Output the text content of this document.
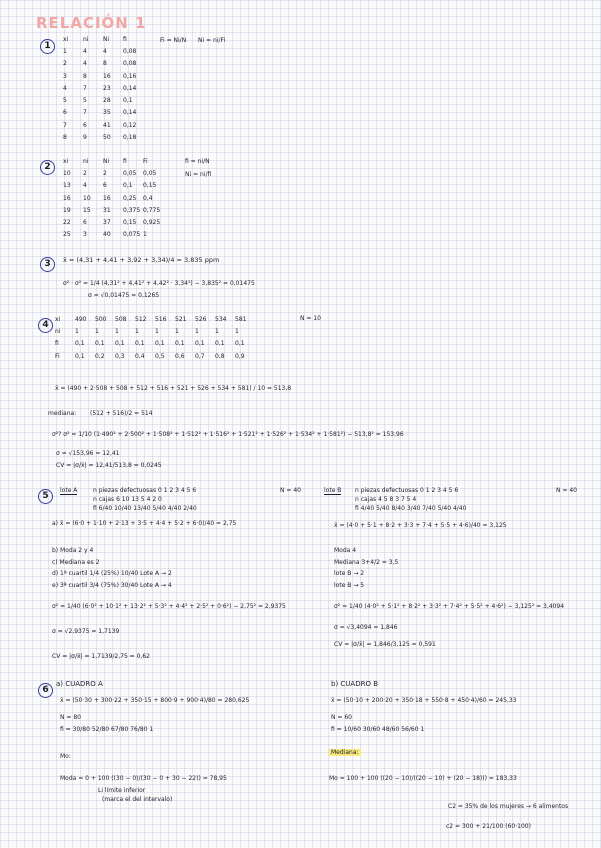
RELACIÓN 1
1
xi	ni	Ni	fi
1	4	4	0,08
2	4	8	0,08
3	8	16	0,16
4	7	23	0,14
5	5	28	0,1
6	7	35	0,14
7	6	41	0,12
8	9	50	0,18
Fi = Ni/N Ni = ni/Fi
2
xi	ni	Ni	fi	Fi
10	2	2	0,05	0,05
13	4	6	0,1	0,15
16	10	16	0,25	0,4
19	15	31	0,375	0,775
22	6	37	0,15	0,925
25	3	40	0,075	1
fi = ni/N
Ni = ni/fi
3	x̄ = (4,31 + 4,41 + 3,92 + 3,34)/4 = 3,835 ppm
σ² · σ² = 1/4 (4,31² + 4,41² + 4,42² · 3,34²) − 3,835² = 0,01475
σ = √0,01475 = 0,1265
4
xi	490	500	508	512	516	521	526	534	581
ni	1	1	1	1	1	1	1	1	1
fi	0,1	0,1	0,1	0,1	0,1	0,1	0,1	0,1	0,1
Fi	0,1	0,2	0,3	0,4	0,5	0,6	0,7	0,8	0,9
N = 10
x̄ = (490 + 2·508 + 508 + 512 + 516 + 521 + 526 + 534 + 581) / 10 = 513,8
mediana: (512 + 516)/2 = 514
σ²? σ² = 1/10 (1·490² + 2·500² + 1·508² + 1·512² + 1·516² + 1·521² + 1·526² + 1·534² + 1·581²) − 513,8² = 153,96
σ = √153,96 = 12,41
CV = |σ/x̄| = 12,41/513,8 = 0,0245
5
lote A	n piezas defectuosas 0 1 2 3 4 5 6
n cajas 6 10 13 5 4 2 0
fi 6/40 10/40 13/40 5/40 4/40 2/40
N = 40
a) x̄ = (6·0 + 1·10 + 2·13 + 3·5 + 4·4 + 5·2 + 6·0)/40 = 2,75
b) Moda 2 y 4
c) Mediana es 2
d) 1ª cuartil 1/4 (25%) 10/40 Lote A → 2
e) 3ª cuartil 3/4 (75%) 30/40 Lote A → 4
σ² = 1/40 (6·0² + 10·1² + 13·2² + 5·3² + 4·4² + 2·5² + 0·6²) − 2,75² = 2,9375
σ = √2,9375 = 1,7139
CV = |σ/x̄| = 1,7139/2,75 = 0,62
lote B n piezas defectuosas 0 1 2 3 4 5 6
n cajas 4 5 8 3 7 5 4
fi 4/40 5/40 8/40 3/40 7/40 5/40 4/40
N = 40
x̄ = (4·0 + 5·1 + 8·2 + 3·3 + 7·4 + 5·5 + 4·6)/40 = 3,125
Moda 4
Mediana 3+4/2 = 3,5
lote B → 2
lote B → 5
σ² = 1/40 (4·0² + 5·1² + 8·2² + 3·3² + 7·4² + 5·5² + 4·6²) − 3,125² = 3,4094
σ = √3,4094 = 1,846
CV = |σ/x̄| = 1,846/3,125 = 0,591
6
a) CUADRO A
x̄ = (50·30 + 300·22 + 350·15 + 800·9 + 900·4)/80 = 280,625
N = 80
fi = 30/80 52/80 67/80 76/80 1
Mo:
Moda = 0 + 100 ((30 − 0)/(30 − 0 + 30 − 22)) = 78,95
Li límite inferior
(marca el del intervalo)
b) CUADRO B
x̄ = (50·10 + 200·20 + 350·18 + 550·8 + 450·4)/60 = 245,33
N = 60
fi = 10/60 30/60 48/60 56/60 1
Mediana:
Mo = 100 + 100 ((20 − 10)/((20 − 10) + (20 − 18))) = 183,33
C2 = 35% de los mujeres → 6 alimentos
c2 = 300 + 21/100 (60·100)
